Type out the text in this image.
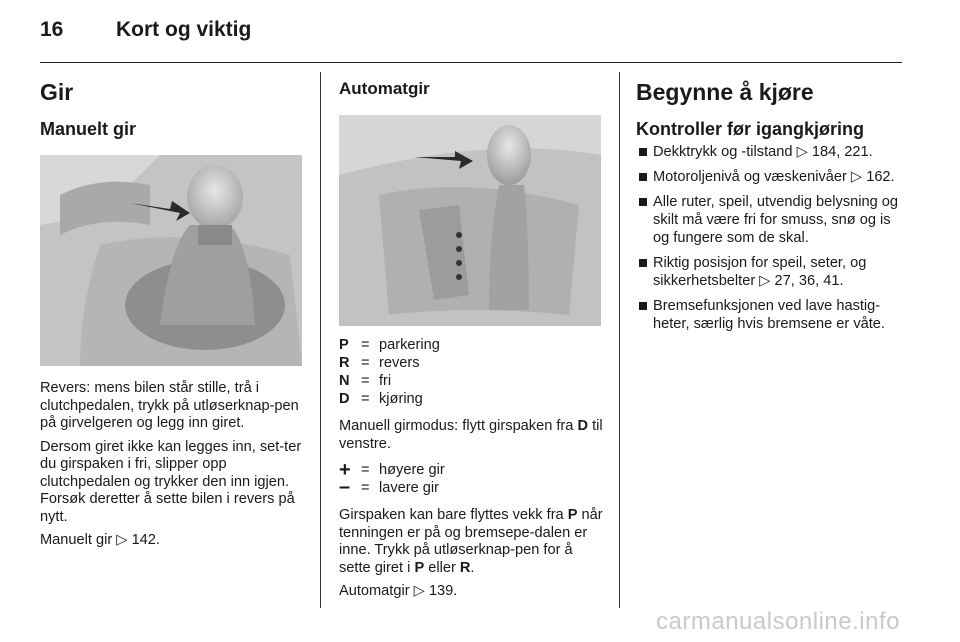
16	Kort og viktig
Gir
Manuelt gir

Revers: mens bilen står stille, trå i clutchpedalen, trykk på utløserknap-pen på girvelgeren og legg inn giret.

Dersom giret ikke kan legges inn, set-ter du girspaken i fri, slipper opp clutchpedalen og trykker den inn igjen. Forsøk deretter å sette bilen i revers på nytt.

Manuelt gir ▷ 142.

Automatgir
P = parkering
R = revers
N = fri
D = kjøring

Manuell girmodus: flytt girspaken fra D til venstre.

+ = høyere gir
– = lavere gir

Girspaken kan bare flyttes vekk fra P når tenningen er på og bremsepe-dalen er inne. Trykk på utløserknap-pen for å sette giret i P eller R.

Automatgir ▷ 139.

Begynne å kjøre
Kontroller før igangkjøring
Dekktrykk og -tilstand ▷ 184, 221.
Motoroljenivå og væskenivåer ▷ 162.
Alle ruter, speil, utvendig belysning og skilt må være fri for smuss, snø og is og fungere som de skal.
Riktig posisjon for speil, seter, og sikkerhetsbelter ▷ 27, 36, 41.
Bremsefunksjonen ved lave hastig-heter, særlig hvis bremsene er våte.
carmanualsonline.info
